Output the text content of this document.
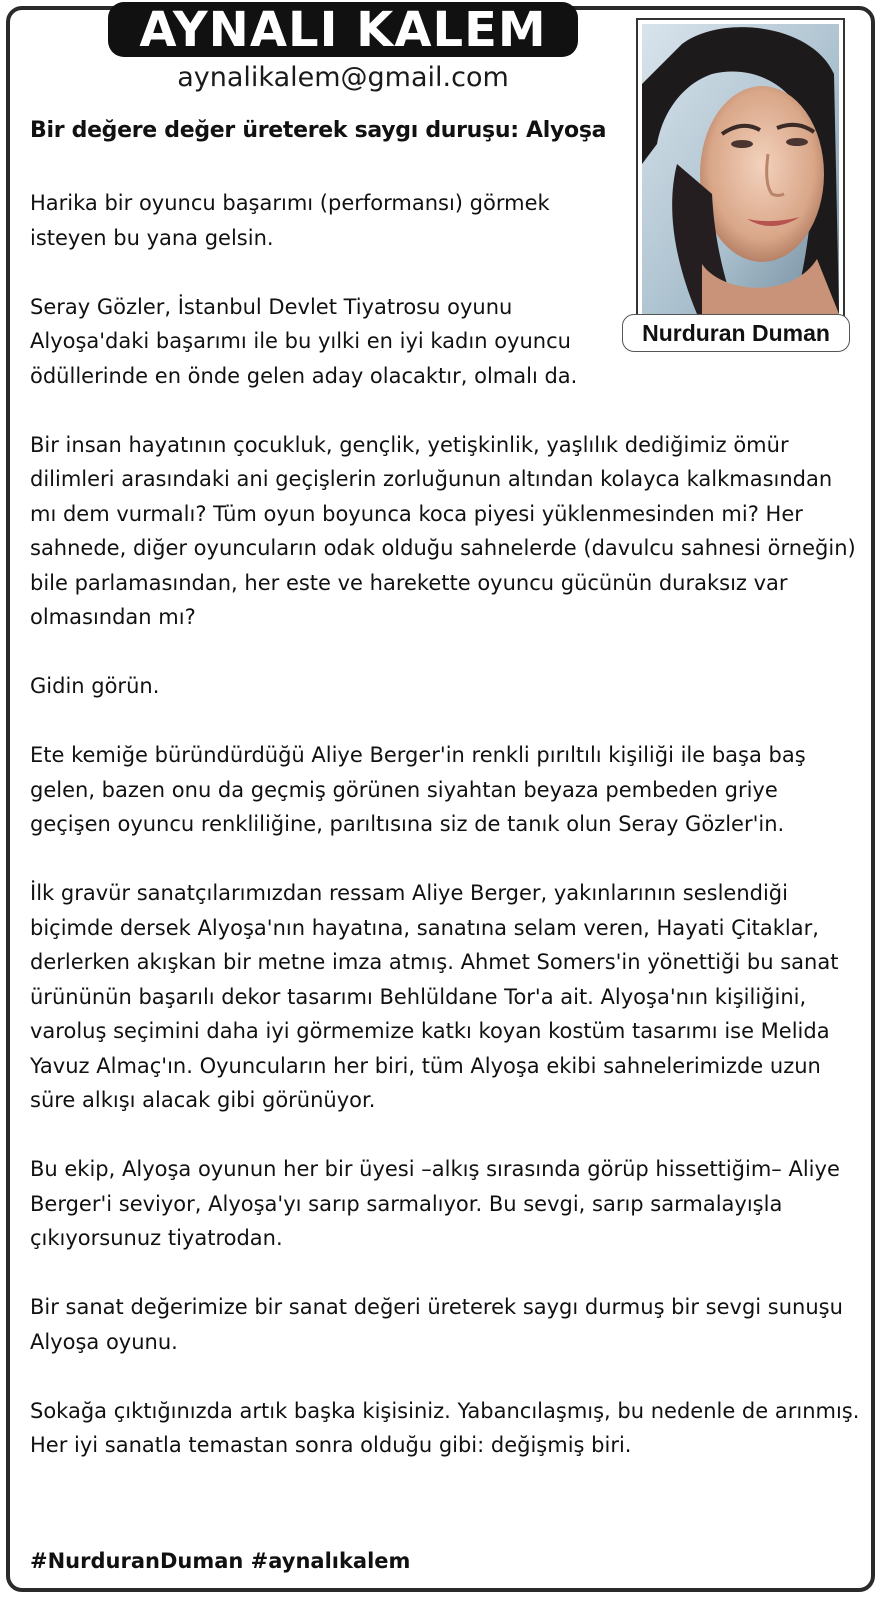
AYNALI KALEM
aynalikalem@gmail.com
Bir değere değer üreterek saygı duruşu: Alyoşa
Nurduran Duman

Harika bir oyuncu başarımı (performansı) görmek isteyen bu yana gelsin.

Seray Gözler, İstanbul Devlet Tiyatrosu oyunu Alyoşa'daki başarımı ile bu yılki en iyi kadın oyuncu ödüllerinde en önde gelen aday olacaktır, olmalı da.

Bir insan hayatının çocukluk, gençlik, yetişkinlik, yaşlılık dediğimiz ömür dilimleri arasındaki ani geçişlerin zorluğunun altından kolayca kalkmasından mı dem vurmalı? Tüm oyun boyunca koca piyesi yüklenmesinden mi? Her sahnede, diğer oyuncuların odak olduğu sahnelerde (davulcu sahnesi örneğin) bile parlamasından, her este ve harekette oyuncu gücünün duraksız var olmasından mı?

Gidin görün.

Ete kemiğe büründürdüğü Aliye Berger'in renkli pırıltılı kişiliği ile başa baş gelen, bazen onu da geçmiş görünen siyahtan beyaza pembeden griye geçişen oyuncu renkliliğine, parıltısına siz de tanık olun Seray Gözler'in.

İlk gravür sanatçılarımızdan ressam Aliye Berger, yakınlarının seslendiği biçimde dersek Alyoşa'nın hayatına, sanatına selam veren, Hayati Çitaklar, derlerken akışkan bir metne imza atmış. Ahmet Somers'in yönettiği bu sanat ürününün başarılı dekor tasarımı Behlüldane Tor'a ait. Alyoşa'nın kişiliğini, varoluş seçimini daha iyi görmemize katkı koyan kostüm tasarımı ise Melida Yavuz Almaç'ın. Oyuncuların her biri, tüm Alyoşa ekibi sahnelerimizde uzun süre alkışı alacak gibi görünüyor.

Bu ekip, Alyoşa oyunun her bir üyesi –alkış sırasında görüp hissettiğim– Aliye Berger'i seviyor, Alyoşa'yı sarıp sarmalıyor. Bu sevgi, sarıp sarmalayışla çıkıyorsunuz tiyatrodan.

Bir sanat değerimize bir sanat değeri üreterek saygı durmuş bir sevgi sunuşu Alyoşa oyunu.

Sokağa çıktığınızda artık başka kişisiniz. Yabancılaşmış, bu nedenle de arınmış. Her iyi sanatla temastan sonra olduğu gibi: değişmiş biri.

#NurduranDuman #aynalıkalem
